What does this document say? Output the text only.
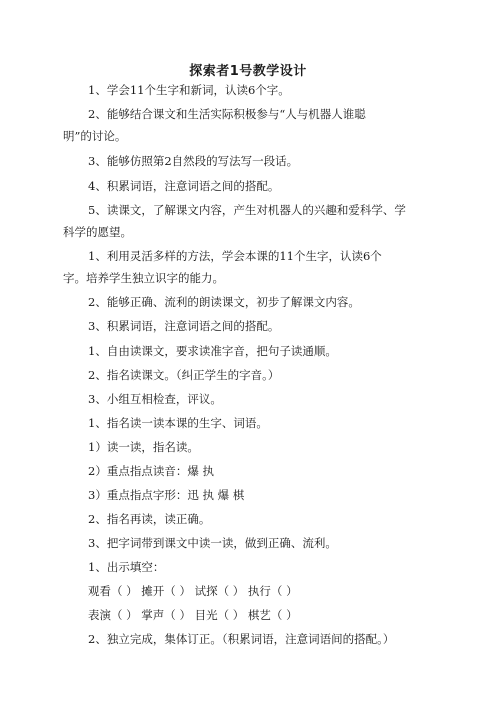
探索者1号教学设计
1、学会11个生字和新词，认读6个字。
2、能够结合课文和生活实际积极参与“人与机器人谁聪
明”的讨论。
3、能够仿照第2自然段的写法写一段话。
4、积累词语，注意词语之间的搭配。
5、读课文，了解课文内容，产生对机器人的兴趣和爱科学、学
科学的愿望。
1、利用灵活多样的方法，学会本课的11个生字，认读6个
字。培养学生独立识字的能力。
2、能够正确、流利的朗读课文，初步了解课文内容。
3、积累词语，注意词语之间的搭配。
1、自由读课文，要求读准字音，把句子读通顺。
2、指名读课文。（纠正学生的字音。）
3、小组互相检查，评议。
1、指名读一读本课的生字、词语。
1）读一读，指名读。
2）重点指点读音：爆 执
3）重点指点字形：迅 执 爆 棋
2、指名再读，读正确。
3、把字词带到课文中读一读，做到正确、流利。
1、出示填空：
观看（ ） 摊开（ ） 试探（ ） 执行（ ）
表演（ ） 掌声（ ） 目光（ ） 棋艺（ ）
2、独立完成，集体订正。（积累词语，注意词语间的搭配。）
